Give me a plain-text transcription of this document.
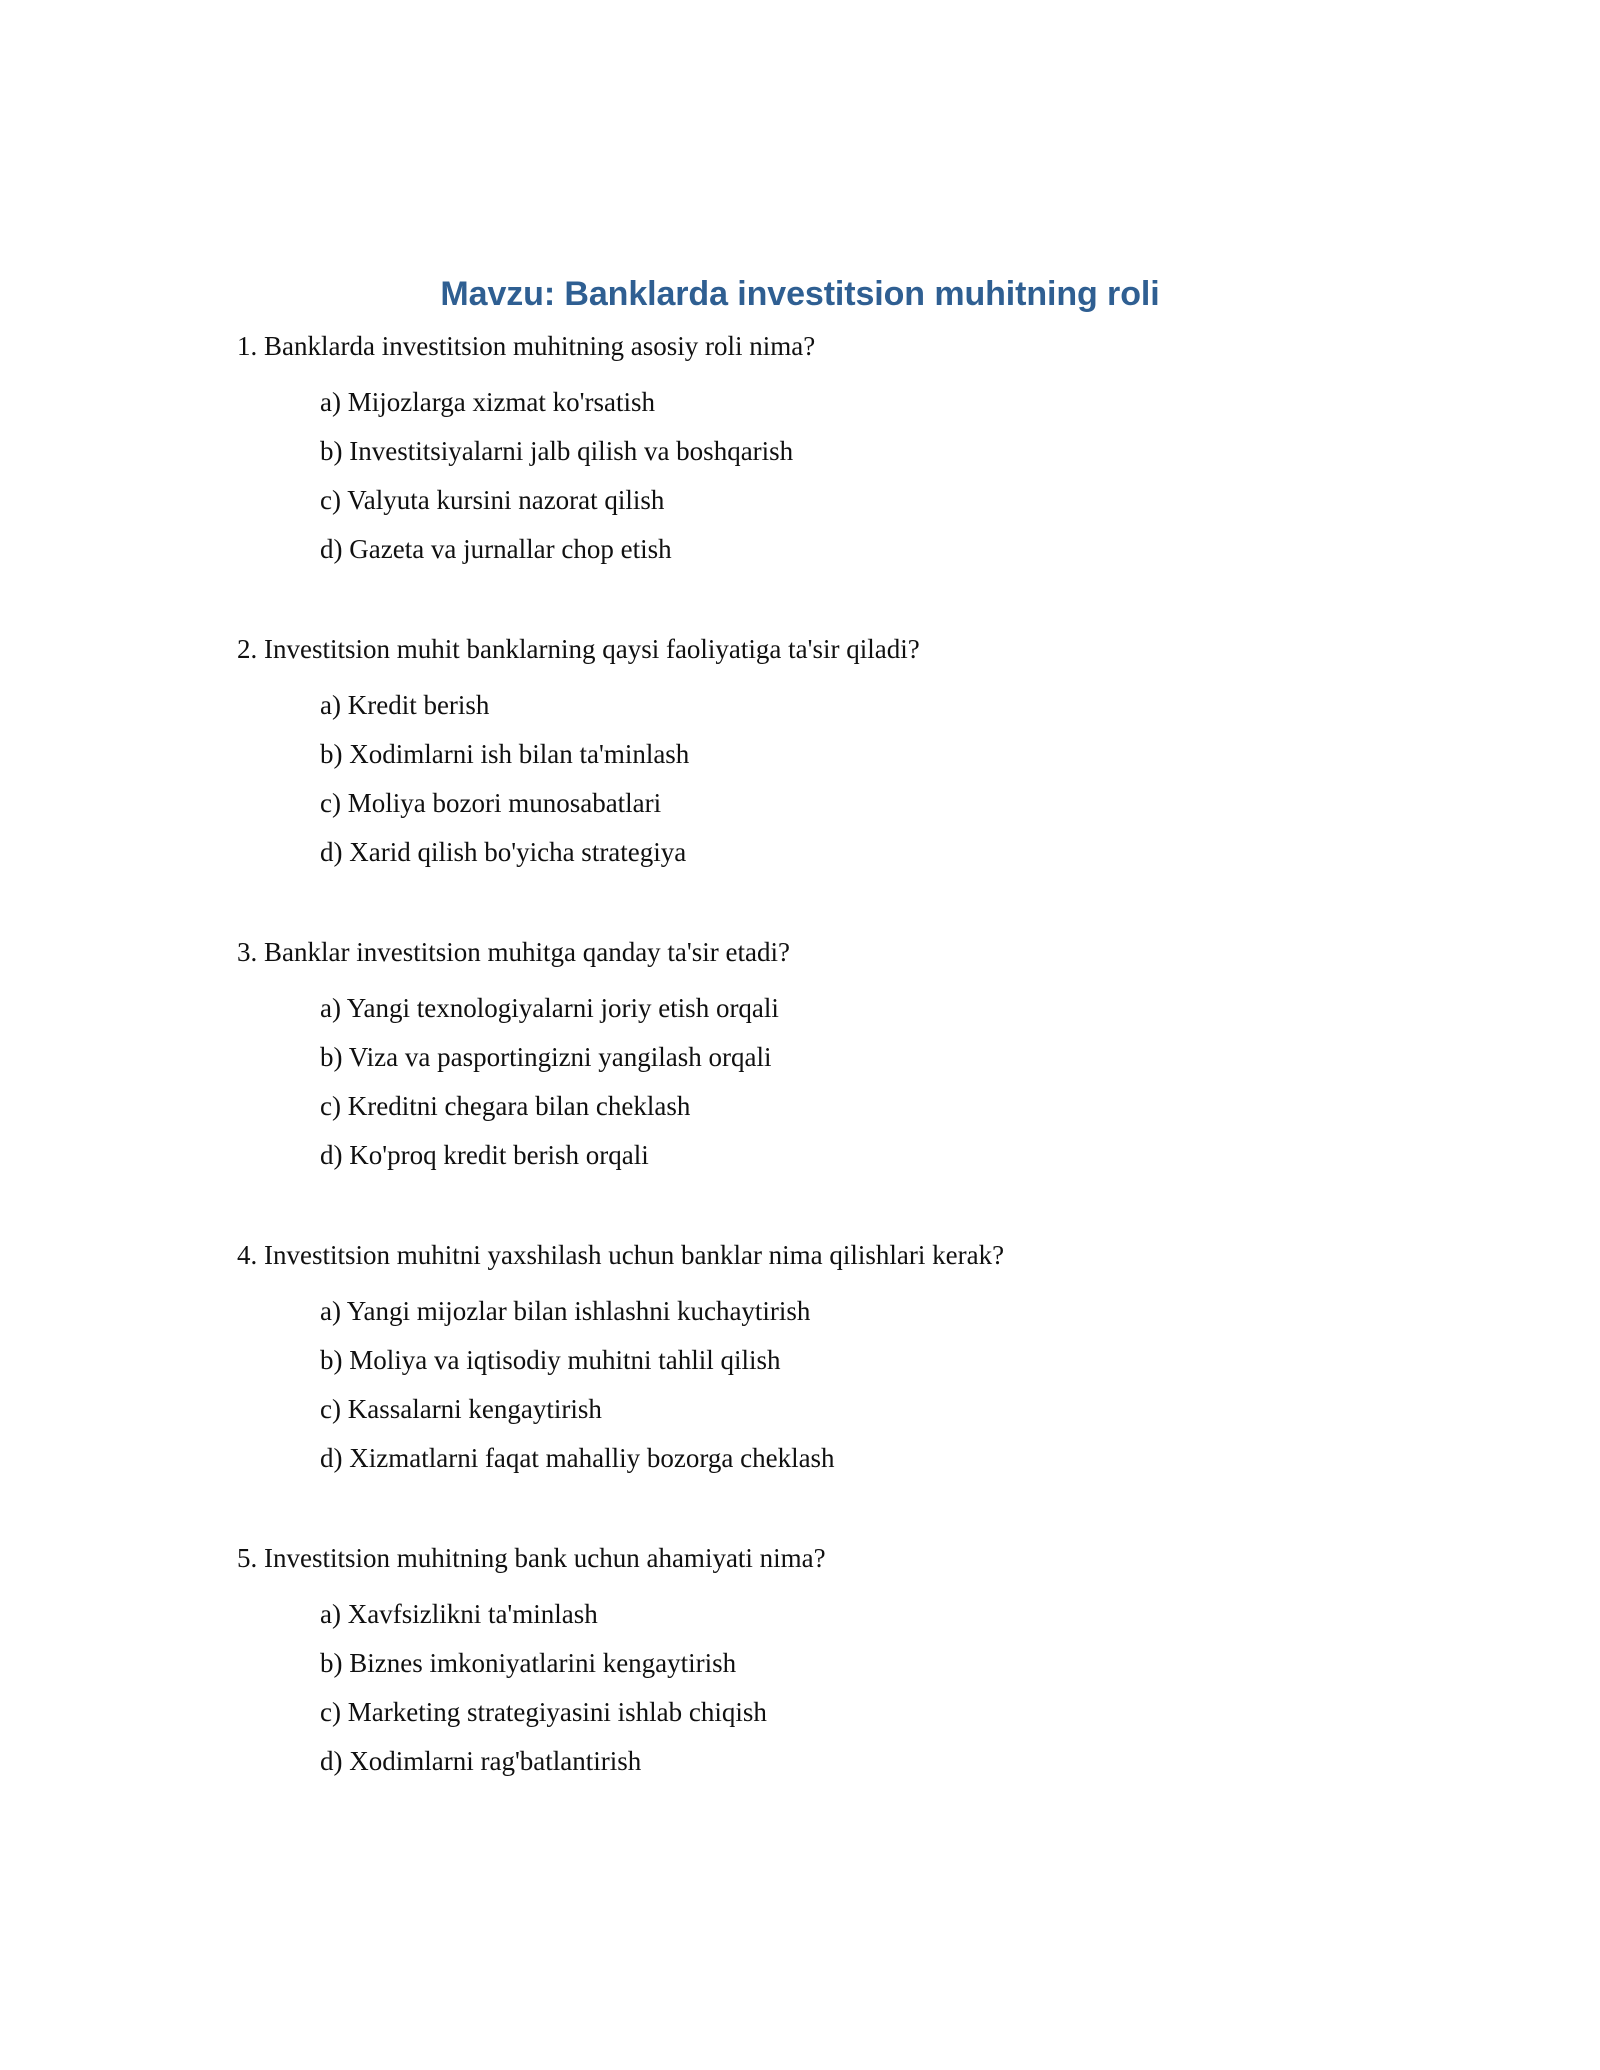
Mavzu: Banklarda investitsion muhitning roli

1. Banklarda investitsion muhitning asosiy roli nima?

a) Mijozlarga xizmat ko'rsatish
b) Investitsiyalarni jalb qilish va boshqarish
c) Valyuta kursini nazorat qilish
d) Gazeta va jurnallar chop etish

2. Investitsion muhit banklarning qaysi faoliyatiga ta'sir qiladi?

a) Kredit berish
b) Xodimlarni ish bilan ta'minlash
c) Moliya bozori munosabatlari
d) Xarid qilish bo'yicha strategiya

3. Banklar investitsion muhitga qanday ta'sir etadi?

a) Yangi texnologiyalarni joriy etish orqali
b) Viza va pasportingizni yangilash orqali
c) Kreditni chegara bilan cheklash
d) Ko'proq kredit berish orqali

4. Investitsion muhitni yaxshilash uchun banklar nima qilishlari kerak?

a) Yangi mijozlar bilan ishlashni kuchaytirish
b) Moliya va iqtisodiy muhitni tahlil qilish
c) Kassalarni kengaytirish
d) Xizmatlarni faqat mahalliy bozorga cheklash

5. Investitsion muhitning bank uchun ahamiyati nima?

a) Xavfsizlikni ta'minlash
b) Biznes imkoniyatlarini kengaytirish
c) Marketing strategiyasini ishlab chiqish
d) Xodimlarni rag'batlantirish
